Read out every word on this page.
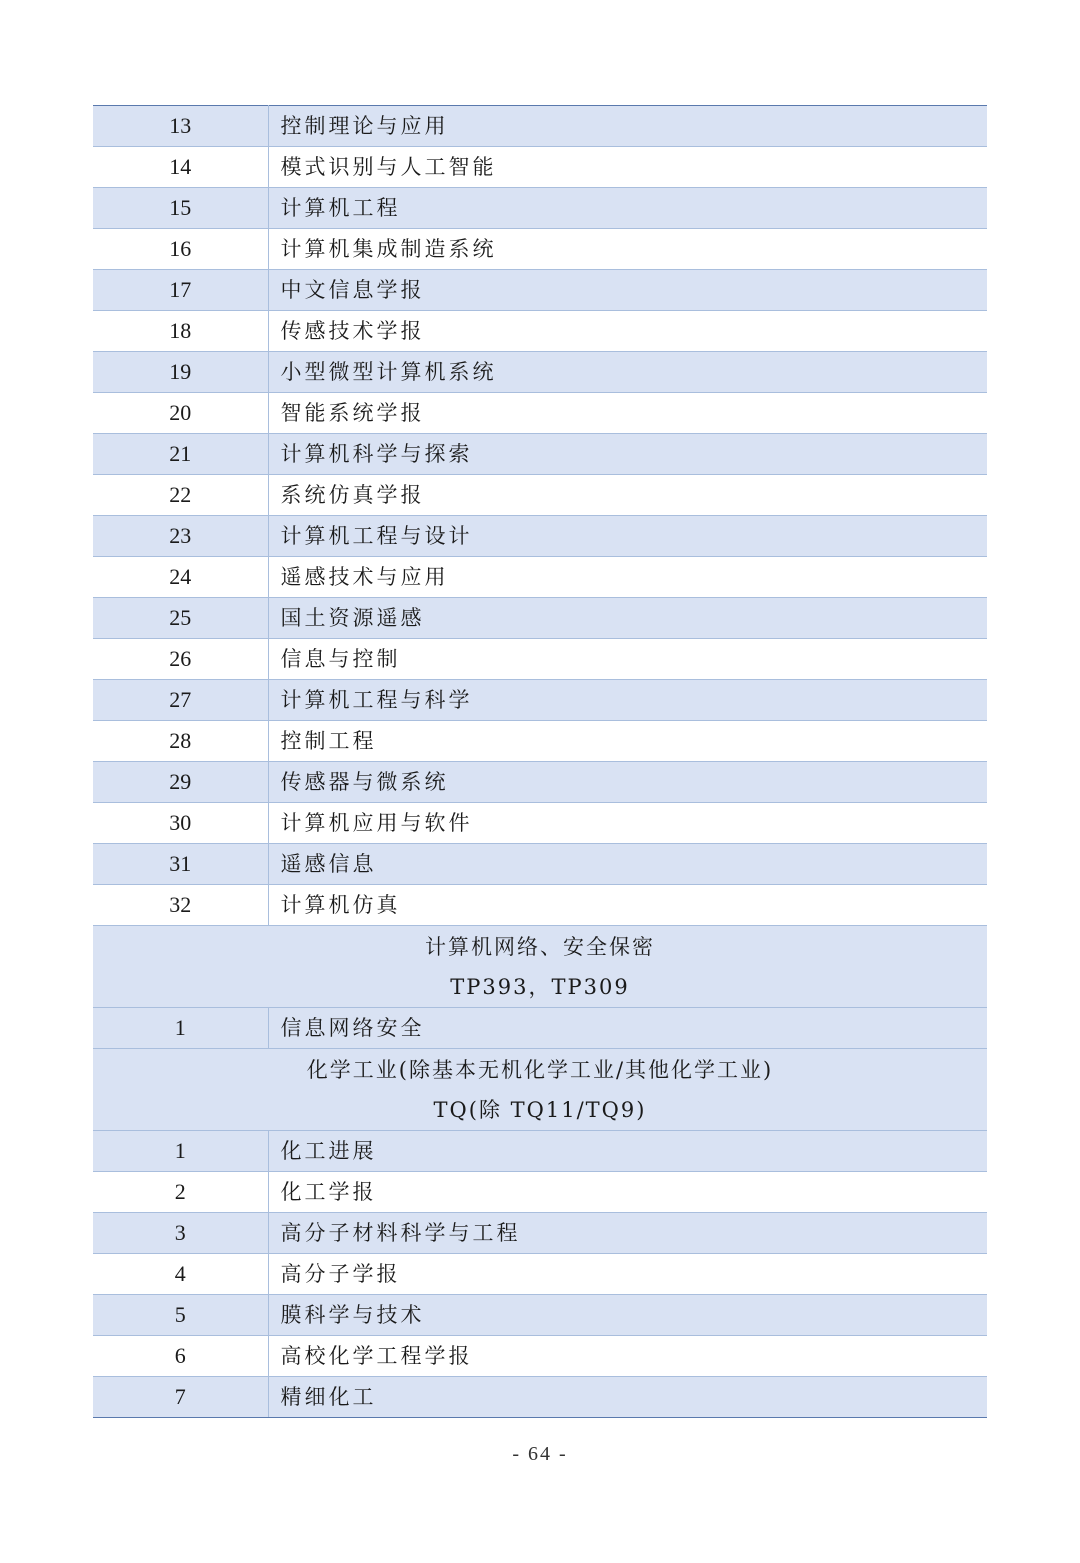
13	控制理论与应用
14	模式识别与人工智能
15	计算机工程
16	计算机集成制造系统
17	中文信息学报
18	传感技术学报
19	小型微型计算机系统
20	智能系统学报
21	计算机科学与探索
22	系统仿真学报
23	计算机工程与设计
24	遥感技术与应用
25	国土资源遥感
26	信息与控制
27	计算机工程与科学
28	控制工程
29	传感器与微系统
30	计算机应用与软件
31	遥感信息
32	计算机仿真

计算机网络、安全保密
TP393，TP309	

1	信息网络安全

化学工业(除基本无机化学工业/其他化学工业)
TQ(除 TQ11/TQ9)	

1	化工进展
2	化工学报
3	高分子材料科学与工程
4	高分子学报
5	膜科学与技术
6	高校化学工程学报
7	精细化工
- 64 -
